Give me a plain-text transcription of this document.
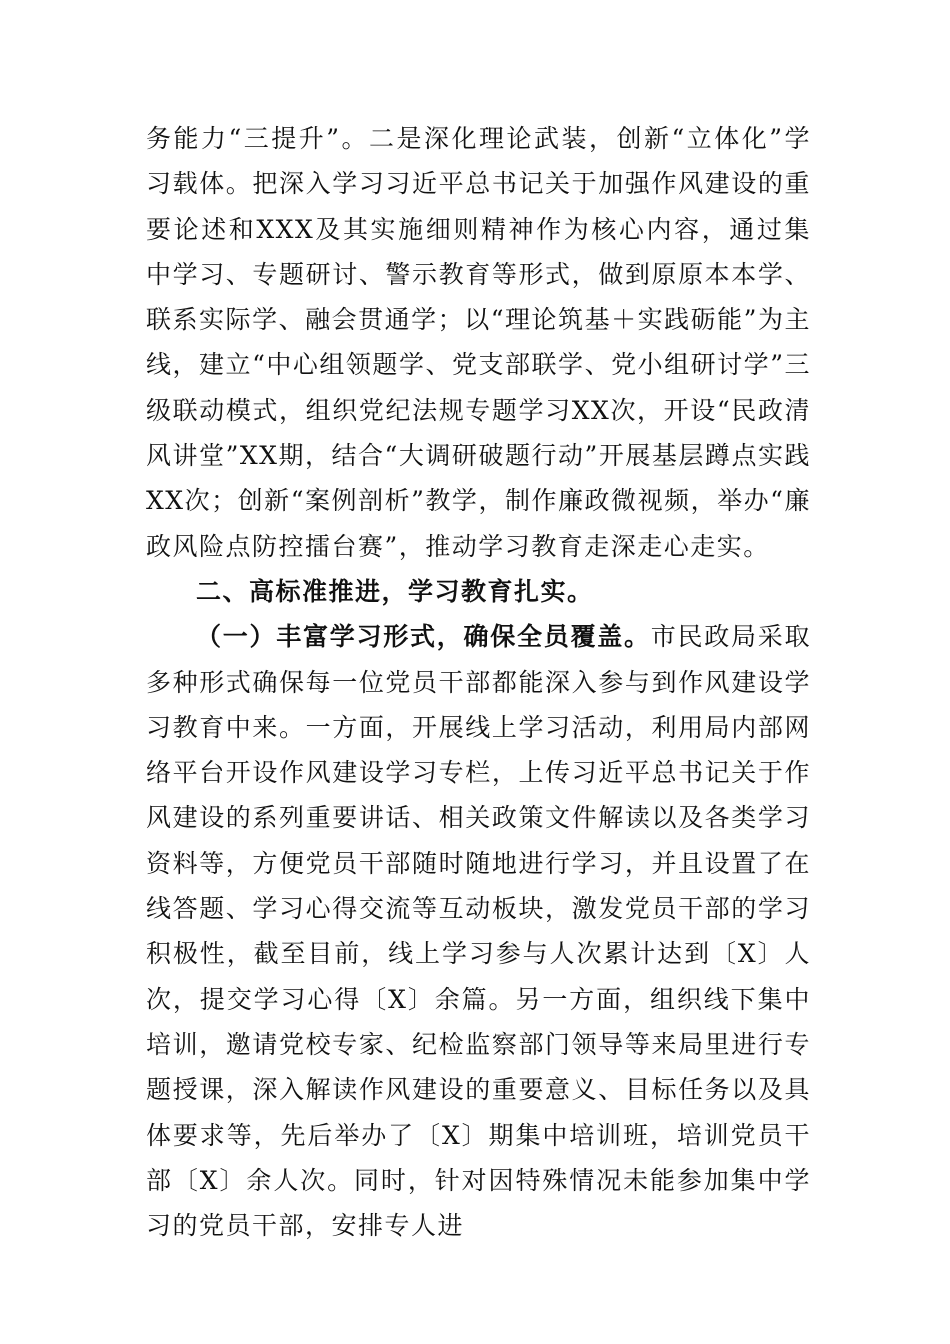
务能力“三提升”。二是深化理论武装，创新“立体化”学习载体。把深入学习习近平总书记关于加强作风建设的重要论述和XXX及其实施细则精神作为核心内容，通过集中学习、专题研讨、警示教育等形式，做到原原本本学、联系实际学、融会贯通学；以“理论筑基＋实践砺能”为主线，建立“中心组领题学、党支部联学、党小组研讨学”三级联动模式，组织党纪法规专题学习XX次，开设“民政清风讲堂”XX期，结合“大调研破题行动”开展基层蹲点实践XX次；创新“案例剖析”教学，制作廉政微视频，举办“廉政风险点防控擂台赛”，推动学习教育走深走心走实。

二、高标准推进，学习教育扎实。

（一）丰富学习形式，确保全员覆盖。市民政局采取多种形式确保每一位党员干部都能深入参与到作风建设学习教育中来。一方面，开展线上学习活动，利用局内部网络平台开设作风建设学习专栏，上传习近平总书记关于作风建设的系列重要讲话、相关政策文件解读以及各类学习资料等，方便党员干部随时随地进行学习，并且设置了在线答题、学习心得交流等互动板块，激发党员干部的学习积极性，截至目前，线上学习参与人次累计达到〔X〕人次，提交学习心得〔X〕余篇。另一方面，组织线下集中培训，邀请党校专家、纪检监察部门领导等来局里进行专题授课，深入解读作风建设的重要意义、目标任务以及具体要求等，先后举办了〔X〕期集中培训班，培训党员干部〔X〕余人次。同时，针对因特殊情况未能参加集中学习的党员干部，安排专人进
